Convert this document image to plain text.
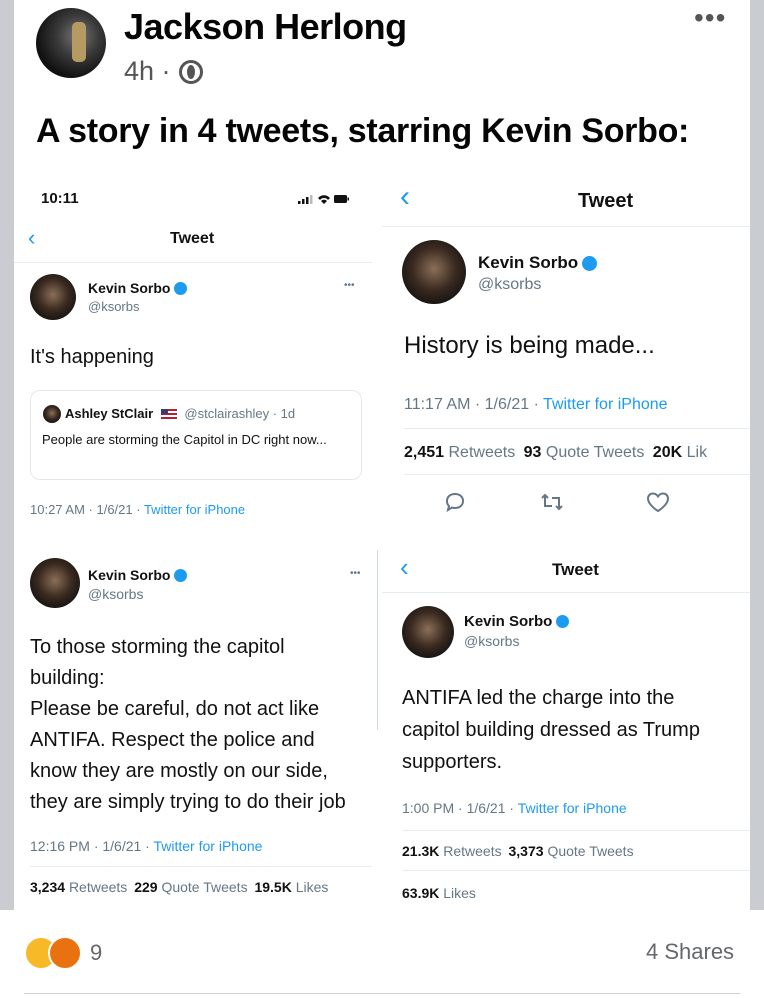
Jackson Herlong
4h ·
•••
A story in 4 tweets, starring Kevin Sorbo:
10:11
‹	Tweet
Kevin Sorbo
@ksorbs
•••
It's happening
Ashley StClair @stclairashley · 1d
People are storming the Capitol in DC right now...
10:27 AM · 1/6/21 · Twitter for iPhone
‹	Tweet
Kevin Sorbo
@ksorbs
History is being made...
11:17 AM · 1/6/21 · Twitter for iPhone
2,451 Retweets 93 Quote Tweets 20K Lik
Kevin Sorbo
@ksorbs
•••
To those storming the capitol
building:
Please be careful, do not act like
ANTIFA. Respect the police and
know they are mostly on our side,
they are simply trying to do their job
12:16 PM · 1/6/21 · Twitter for iPhone
3,234 Retweets 229 Quote Tweets 19.5K Likes
‹	Tweet
Kevin Sorbo
@ksorbs
ANTIFA led the charge into the
capitol building dressed as Trump
supporters.
1:00 PM · 1/6/21 · Twitter for iPhone
21.3K Retweets 3,373 Quote Tweets
63.9K Likes
9	4 Shares
